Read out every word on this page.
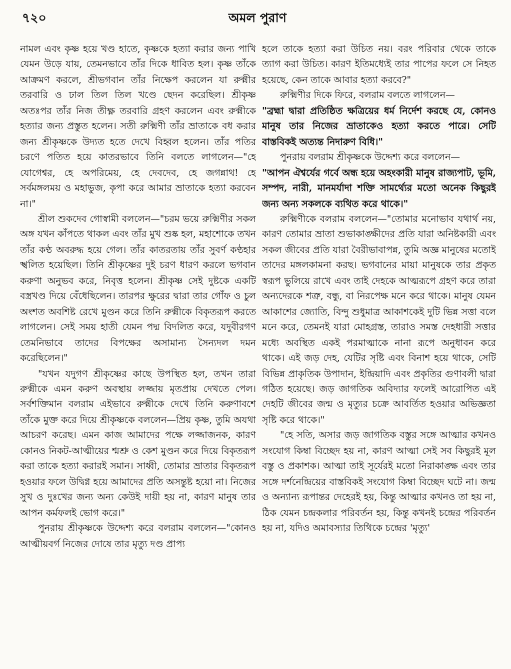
৭২০	অমল পুরাণ

নামল এবং কৃষ্ণ হয়ে খণ্ড হাতে, কৃষ্ণকে হত্যা করার জন্য পাখি যেমন উড়ে যায়, তেমনভাবে তাঁর দিকে ধাবিত হল। কৃষ্ণ তাঁকে আক্রমণ করলে, শ্রীভগবান তাঁর নিক্ষেপ করলেন যা রুক্মীর তরবারি ও ঢাল তিল তিল খণ্ডে ছেদন করেছিল। শ্রীকৃষ্ণ অতঃপর তাঁর নিজ তীক্ষ্ণ তরবারি গ্রহণ করলেন এবং রুক্মীকে হত্যার জন্য প্রস্তুত হলেন। সতী রুক্মিণী তাঁর ভ্রাতাকে বধ করার জন্য শ্রীকৃষ্ণকে উদ্যত হতে দেখে বিহ্বল হলেন। তাঁর পতির চরণে পতিত হয়ে কাতরভাবে তিনি বলতে লাগলেন—"হে যোগেশ্বর, হে অপরিমেয়, হে দেবদেব, হে জগন্নাথ! হে সর্বমঙ্গলময় ও মহাভুজ, কৃপা করে আমার ভ্রাতাকে হত্যা করবেন না।"

শ্রীল শুকদেব গোস্বামী বললেন—"চরম ভয়ে রুক্মিণীর সকল অঙ্গ যখন কাঁপতে থাকল এবং তাঁর মুখ শুষ্ক হল, মহাশোকে তখন তাঁর কণ্ঠ অবরুদ্ধ হয়ে গেল। তাঁর কাতরতায় তাঁর সুবর্ণ কণ্ঠহার স্খলিত হয়েছিল। তিনি শ্রীকৃষ্ণের দুই চরণ ধারণ করলে ভগবান করুণা অনুভব করে, নিবৃত্ত হলেন। শ্রীকৃষ্ণ সেই দুষ্টকে একটি বস্ত্রখণ্ড দিয়ে বেঁধেছিলেন। তারপর ক্ষুরের দ্বারা তার গোঁফ ও চুল অংশত অবশিষ্ট রেখে মুণ্ডন করে তিনি রুক্মীকে বিকৃতরূপ করতে লাগলেন। সেই সময় হাতী যেমন পদ্ম বিদলিত করে, যদুবীরগণ তেমনিভাবে তাদের বিপক্ষের অসামান্য সৈন্যদল দমন করেছিলেন।"

"যখন যদুগণ শ্রীকৃষ্ণের কাছে উপস্থিত হল, তখন তারা রুক্মীকে এমন করুণ অবস্থায় লজ্জায় মৃতপ্রায় দেখতে পেল। সর্বশক্তিমান বলরাম এইভাবে রুক্মীকে দেখে তিনি করুণাবশে তাঁকে মুক্ত করে দিয়ে শ্রীকৃষ্ণকে বললেন—প্রিয় কৃষ্ণ, তুমি অযথা আচরণ করেছ। এমন কাজ আমাদের পক্ষে লজ্জাজনক, কারণ কোনও নিকট-আত্মীয়ের শ্মশ্রু ও কেশ মুণ্ডন করে দিয়ে বিকৃতরূপ করা তাকে হত্যা করারই সমান। সাধ্বী, তোমার ভ্রাতার বিকৃতরূপ হওয়ার ফলে উদ্বিগ্ন হয়ে আমাদের প্রতি অসন্তুষ্ট হয়ো না। নিজের সুখ ও দুঃখের জন্য অন্য কেউই দায়ী হয় না, কারণ মানুষ তার আপন কর্মফলই ভোগ করে।"

পুনরায় শ্রীকৃষ্ণকে উদ্দেশ্য করে বলরাম বললেন—"কোনও আত্মীয়বর্গ নিজের দোষে তার মৃত্যু দণ্ড প্রাপ্য

হলে তাকে হত্যা করা উচিত নয়। বরং পরিবার থেকে তাকে ত্যাগ করা উচিত। কারণ ইতিমধ্যেই তার পাপের ফলে সে নিহত হয়েছে, কেন তাকে আবার হত্যা করবে?"

রুক্মিণীর দিকে ফিরে, বলরাম বলতে লাগলেন—

"ব্রহ্মা দ্বারা প্রতিষ্ঠিত ক্ষত্রিয়ের ধর্ম নির্দেশ করছে যে, কোনও মানুষ তার নিজের ভ্রাতাকেও হত্যা করতে পারে। সেটি বাস্তবিকই অত্যন্ত নিদারুণ বিধি।"

পুনরায় বলরাম শ্রীকৃষ্ণকে উদ্দেশ্য করে বললেন—

"আপন ঐশ্বর্যের গর্বে অন্ধ হয়ে অহংকারী মানুষ রাজ্যপাট, ভূমি, সম্পদ, নারী, মানমর্যাদা শক্তি সামর্থ্যের মতো অনেক কিছুরই জন্য অন্য সকলকে ব্যথিত করে থাকে।"

রুক্মিণীকে বলরাম বললেন—"তোমার মনোভাব যথার্থ নয়, কারণ তোমার ভ্রাতা শুভাকাঙ্ক্ষীদের প্রতি যারা অনিষ্টকারী এবং সকল জীবের প্রতি যারা বৈরীভাবাপন্ন, তুমি অজ্ঞ মানুষের মতোই তাদের মঙ্গলকামনা করছ। ভগবানের মায়া মানুষকে তার প্রকৃত স্বরূপ ভুলিয়ে রাখে এবং তাই দেহকে আত্মরূপে গ্রহণ করে তারা অন্যদেরকে শত্রু, বন্ধু, বা নিরপেক্ষ মনে করে থাকে। মানুষ যেমন আকাশের জ্যোতি, বিন্দু শুধুমাত্র আকাশকেই দুটি ভিন্ন সত্তা বলে মনে করে, তেমনই যারা মোহগ্রস্ত, তারাও সমস্ত দেহধারী সত্তার মধ্যে অবস্থিত একই পরমাত্মাকে নানা রূপে অনুধাবন করে থাকে। এই জড় দেহ, যেটির সৃষ্টি এবং বিনাশ হয়ে থাকে, সেটি বিভিন্ন প্রাকৃতিক উপাদান, ইন্দ্রিয়াদি এবং প্রকৃতির গুণাবলী দ্বারা গঠিত হয়েছে। জড় জাগতিক অবিদ্যার ফলেই আরোপিত এই দেহটি জীবের জন্ম ও মৃত্যুর চক্রে আবর্তিত হওয়ার অভিজ্ঞতা সৃষ্টি করে থাকে।"

"হে সতি, অসার জড় জাগতিক বস্তুর সঙ্গে আত্মার কখনও সংযোগ কিম্বা বিচ্ছেদ হয় না, কারণ আত্মা সেই সব কিছুরই মূল বস্তু ও প্রকাশক। আত্মা তাই সূর্যেরই মতো নিরাকাঙ্ক্ষ এবং তার সঙ্গে দর্শনেন্দ্রিয়ের বাস্তবিকই সংযোগ কিম্বা বিচ্ছেদ ঘটে না। জন্ম ও অন্যান্য রূপান্তর দেহেরই হয়, কিন্তু আত্মার কখনও তা হয় না, ঠিক যেমন চন্দ্রকলার পরিবর্তন হয়, কিন্তু কখনই চন্দ্রের পরিবর্তন হয় না, যদিও অমাবস্যার তিথিকে চন্দ্রের 'মৃত্যু'
